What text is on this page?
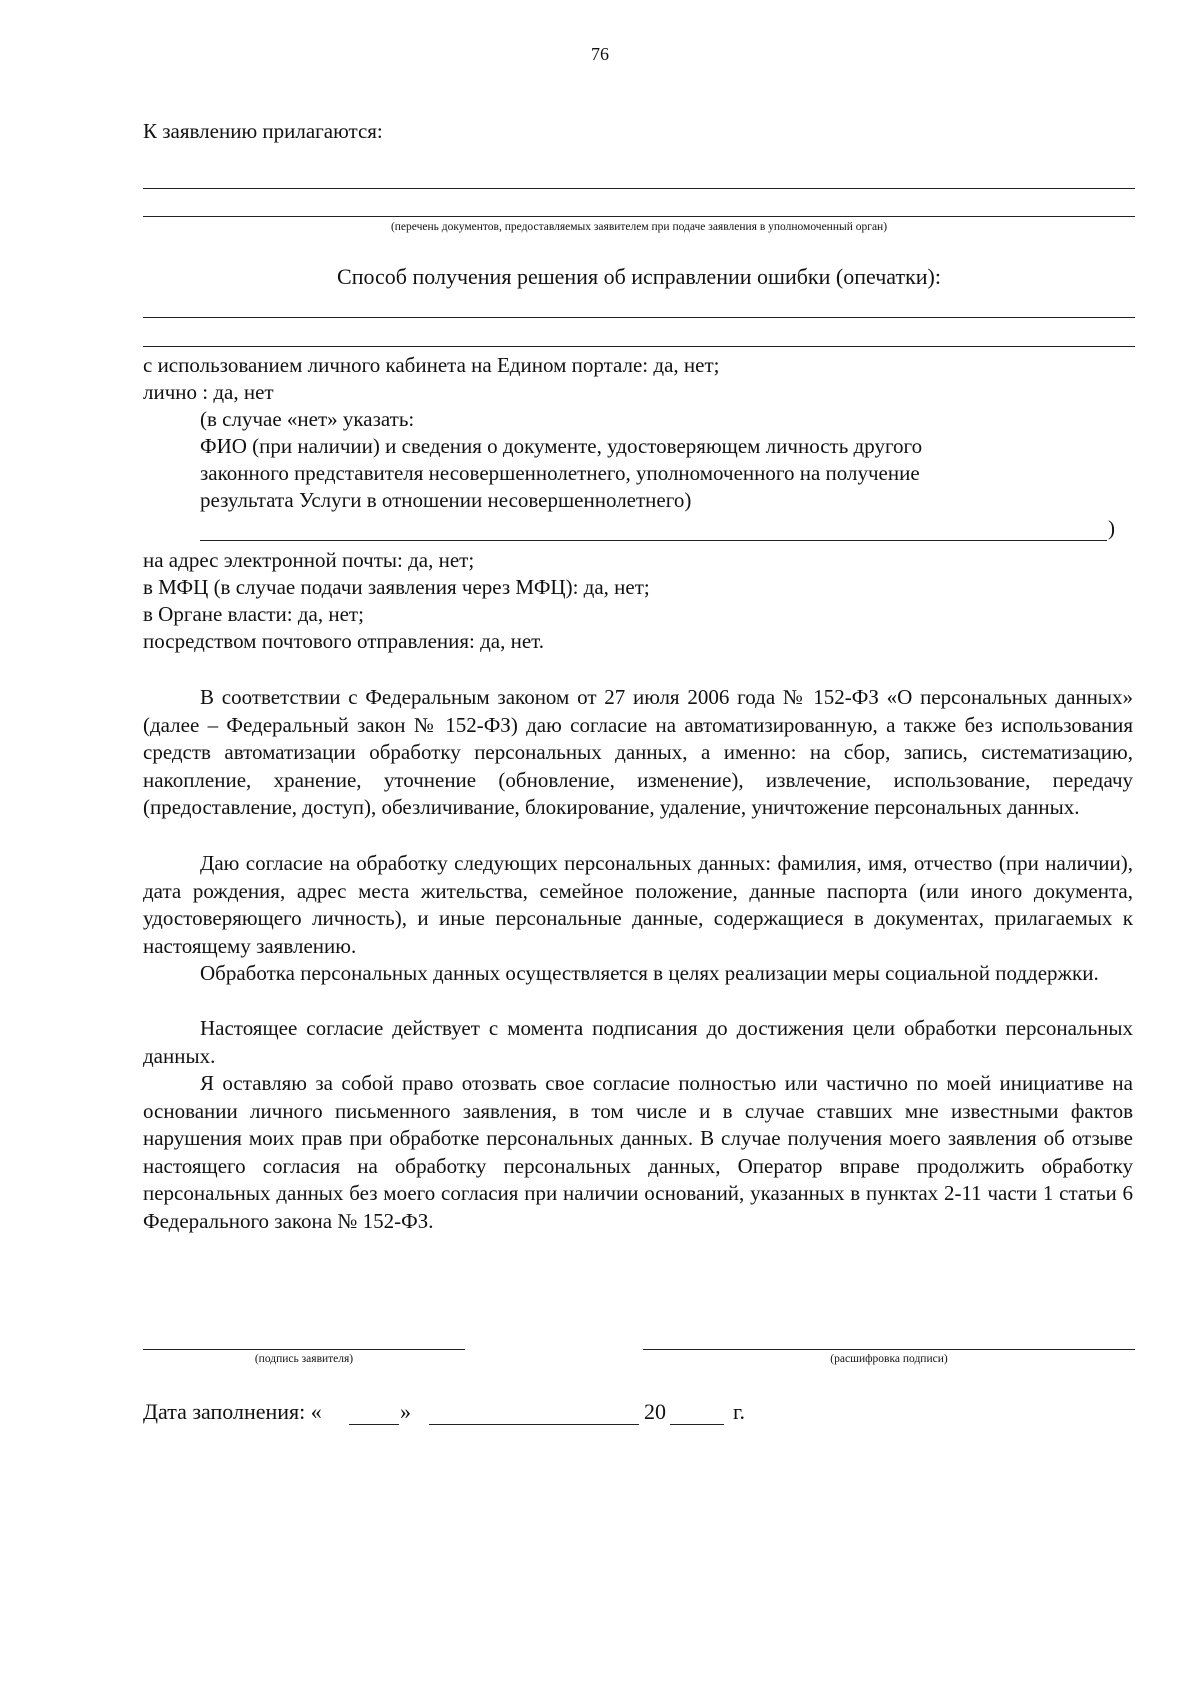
76
К заявлению прилагаются:
(перечень документов, предоставляемых заявителем при подаче заявления в уполномоченный орган)
Способ получения решения об исправлении ошибки (опечатки):
с использованием личного кабинета на Едином портале: да, нет;
лично : да, нет
(в случае «нет» указать:
ФИО (при наличии) и сведения о документе, удостоверяющем личность другого
законного представителя несовершеннолетнего, уполномоченного на получение
результата Услуги в отношении несовершеннолетнего)
)
на адрес электронной почты: да, нет;
в МФЦ (в случае подачи заявления через МФЦ): да, нет;
в Органе власти: да, нет;
посредством почтового отправления: да, нет.

В соответствии с Федеральным законом от 27 июля 2006 года № 152-ФЗ «О персональных данных» (далее – Федеральный закон № 152-ФЗ) даю согласие на автоматизированную, а также без использования средств автоматизации обработку персональных данных, а именно: на сбор, запись, систематизацию, накопление, хранение, уточнение (обновление, изменение), извлечение, использование, передачу (предоставление, доступ), обезличивание, блокирование, удаление, уничтожение персональных данных.

Даю согласие на обработку следующих персональных данных: фамилия, имя, отчество (при наличии), дата рождения, адрес места жительства, семейное положение, данные паспорта (или иного документа, удостоверяющего личность), и иные персональные данные, содержащиеся в документах, прилагаемых к настоящему заявлению.

Обработка персональных данных осуществляется в целях реализации меры социальной поддержки.

Настоящее согласие действует с момента подписания до достижения цели обработки персональных данных.

Я оставляю за собой право отозвать свое согласие полностью или частично по моей инициативе на основании личного письменного заявления, в том числе и в случае ставших мне известными фактов нарушения моих прав при обработке персональных данных. В случае получения моего заявления об отзыве настоящего согласия на обработку персональных данных, Оператор вправе продолжить обработку персональных данных без моего согласия при наличии оснований, указанных в пунктах 2-11 части 1 статьи 6 Федерального закона № 152-ФЗ.

(подпись заявителя)	(расшифровка подписи)
Дата заполнения: «	»	20	г.
